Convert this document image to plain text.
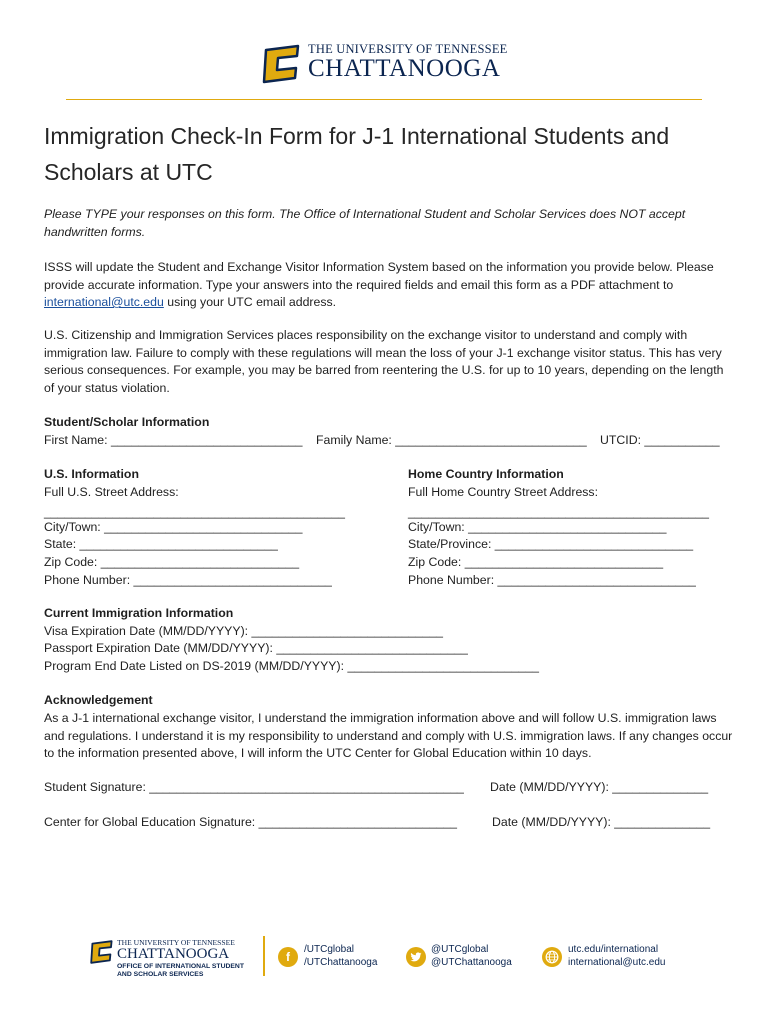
THE UNIVERSITY OF TENNESSEE
CHATTANOOGA
Immigration Check-In Form for J-1 International Students and
Scholars at UTC
Please TYPE your responses on this form. The Office of International Student and Scholar Services does NOT accept handwritten forms.
ISSS will update the Student and Exchange Visitor Information System based on the information you provide below. Please provide accurate information. Type your answers into the required fields and email this form as a PDF attachment to international@utc.edu using your UTC email address.
U.S. Citizenship and Immigration Services places responsibility on the exchange visitor to understand and comply with immigration law. Failure to comply with these regulations will mean the loss of your J-1 exchange visitor status. This has very serious consequences. For example, you may be barred from reentering the U.S. for up to 10 years, depending on the length of your status violation.
Student/Scholar Information
First Name: ____________________________ Family Name: ____________________________ UTCID: ___________
U.S. Information
Full U.S. Street Address:
____________________________________________
City/Town: _____________________________
State: _____________________________
Zip Code: _____________________________
Phone Number: _____________________________
Home Country Information
Full Home Country Street Address:
____________________________________________
City/Town: _____________________________
State/Province: _____________________________
Zip Code: _____________________________
Phone Number: _____________________________
Current Immigration Information
Visa Expiration Date (MM/DD/YYYY): ____________________________
Passport Expiration Date (MM/DD/YYYY): ____________________________
Program End Date Listed on DS-2019 (MM/DD/YYYY): ____________________________
Acknowledgement
As a J-1 international exchange visitor, I understand the immigration information above and will follow U.S. immigration laws and regulations. I understand it is my responsibility to understand and comply with U.S. immigration laws. If any changes occur to the information presented above, I will inform the UTC Center for Global Education within 10 days.
Student Signature: ______________________________________________ Date (MM/DD/YYYY): ______________
Center for Global Education Signature: _____________________________	Date (MM/DD/YYYY): ______________
THE UNIVERSITY OF TENNESSEE
CHATTANOOGA
OFFICE OF INTERNATIONAL STUDENT
AND SCHOLAR SERVICES
f
/UTCglobal
/UTChattanooga
@UTCglobal
@UTChattanooga
utc.edu/international
international@utc.edu
